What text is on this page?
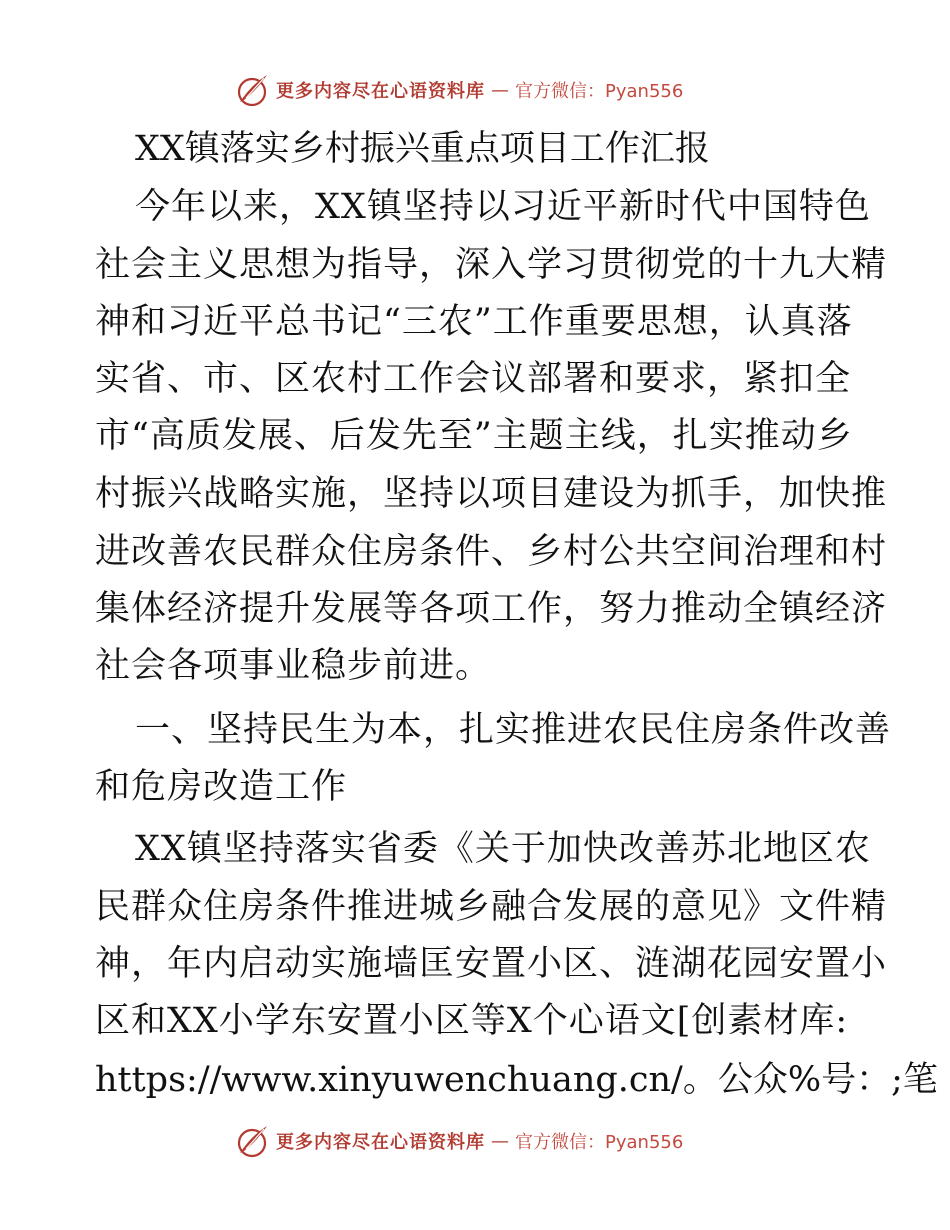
更多内容尽在心语资料库 — 官方微信：Pyan556
XX镇落实乡村振兴重点项目工作汇报
今年以来，XX镇坚持以习近平新时代中国特色
社会主义思想为指导，深入学习贯彻党的十九大精
神和习近平总书记“三农”工作重要思想，认真落
实省、市、区农村工作会议部署和要求，紧扣全
市“高质发展、后发先至”主题主线，扎实推动乡
村振兴战略实施，坚持以项目建设为抓手，加快推
进改善农民群众住房条件、乡村公共空间治理和村
集体经济提升发展等各项工作，努力推动全镇经济
社会各项事业稳步前进。
一、坚持民生为本，扎实推进农民住房条件改善
和危房改造工作
XX镇坚持落实省委《关于加快改善苏北地区农
民群众住房条件推进城乡融合发展的意见》文件精
神，年内启动实施墙匡安置小区、涟湖花园安置小
区和XX小学东安置小区等X个心语文[创素材库:
https://www.xinyuwenchuang.cn/。公众%号：;笔
更多内容尽在心语资料库 — 官方微信：Pyan556
